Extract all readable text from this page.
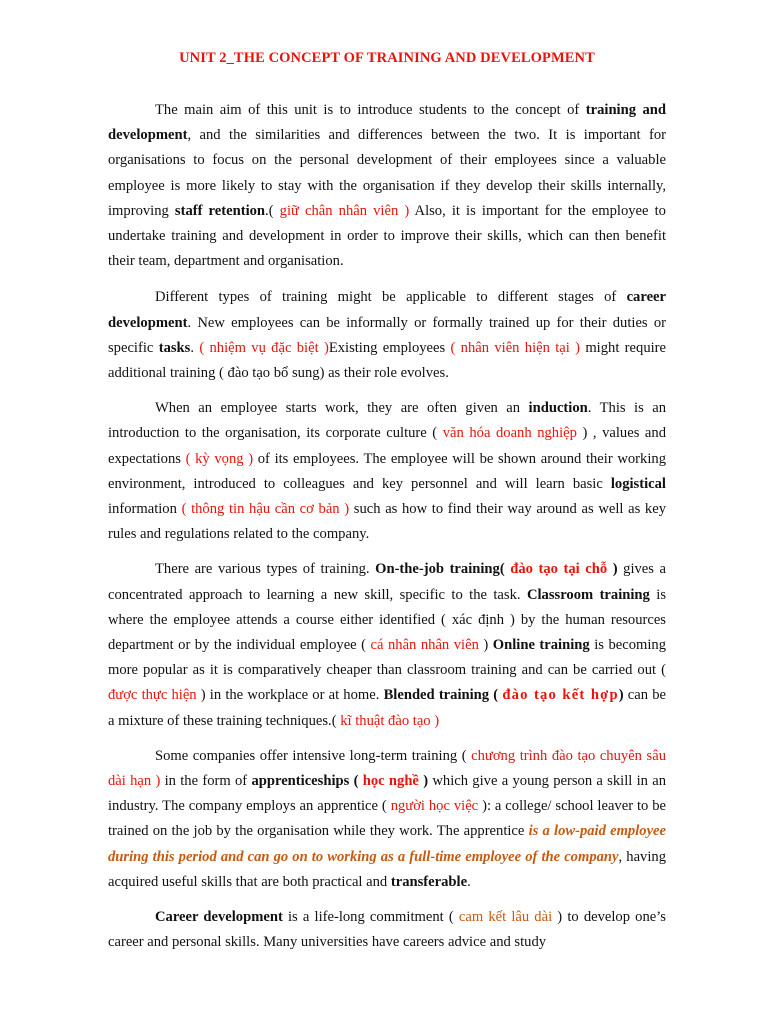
UNIT 2_THE CONCEPT OF TRAINING AND DEVELOPMENT

The main aim of this unit is to introduce students to the concept of training and development, and the similarities and differences between the two. It is important for organisations to focus on the personal development of their employees since a valuable employee is more likely to stay with the organisation if they develop their skills internally, improving staff retention.( giữ chân nhân viên ) Also, it is important for the employee to undertake training and development in order to improve their skills, which can then benefit their team, department and organisation.

Different types of training might be applicable to different stages of career development. New employees can be informally or formally trained up for their duties or specific tasks. ( nhiệm vụ đặc biệt )Existing employees ( nhân viên hiện tại ) might require additional training ( đào tạo bổ sung) as their role evolves.

When an employee starts work, they are often given an induction. This is an introduction to the organisation, its corporate culture ( văn hóa doanh nghiệp ) , values and expectations ( kỳ vọng ) of its employees. The employee will be shown around their working environment, introduced to colleagues and key personnel and will learn basic logistical information ( thông tin hậu cần cơ bản ) such as how to find their way around as well as key rules and regulations related to the company.

There are various types of training. On-the-job training( đào tạo tại chỗ ) gives a concentrated approach to learning a new skill, specific to the task. Classroom training is where the employee attends a course either identified ( xác định ) by the human resources department or by the individual employee ( cá nhân nhân viên ) Online training is becoming more popular as it is comparatively cheaper than classroom training and can be carried out ( được thực hiện ) in the workplace or at home. Blended training ( đào tạo kết hợp) can be a mixture of these training techniques.( kĩ thuật đào tạo )

Some companies offer intensive long-term training ( chương trình đào tạo chuyên sâu dài hạn ) in the form of apprenticeships ( học nghề ) which give a young person a skill in an industry. The company employs an apprentice ( người học việc ): a college/ school leaver to be trained on the job by the organisation while they work. The apprentice is a low-paid employee during this period and can go on to working as a full-time employee of the company, having acquired useful skills that are both practical and transferable.

Career development is a life-long commitment ( cam kết lâu dài ) to develop one’s career and personal skills. Many universities have careers advice and study
